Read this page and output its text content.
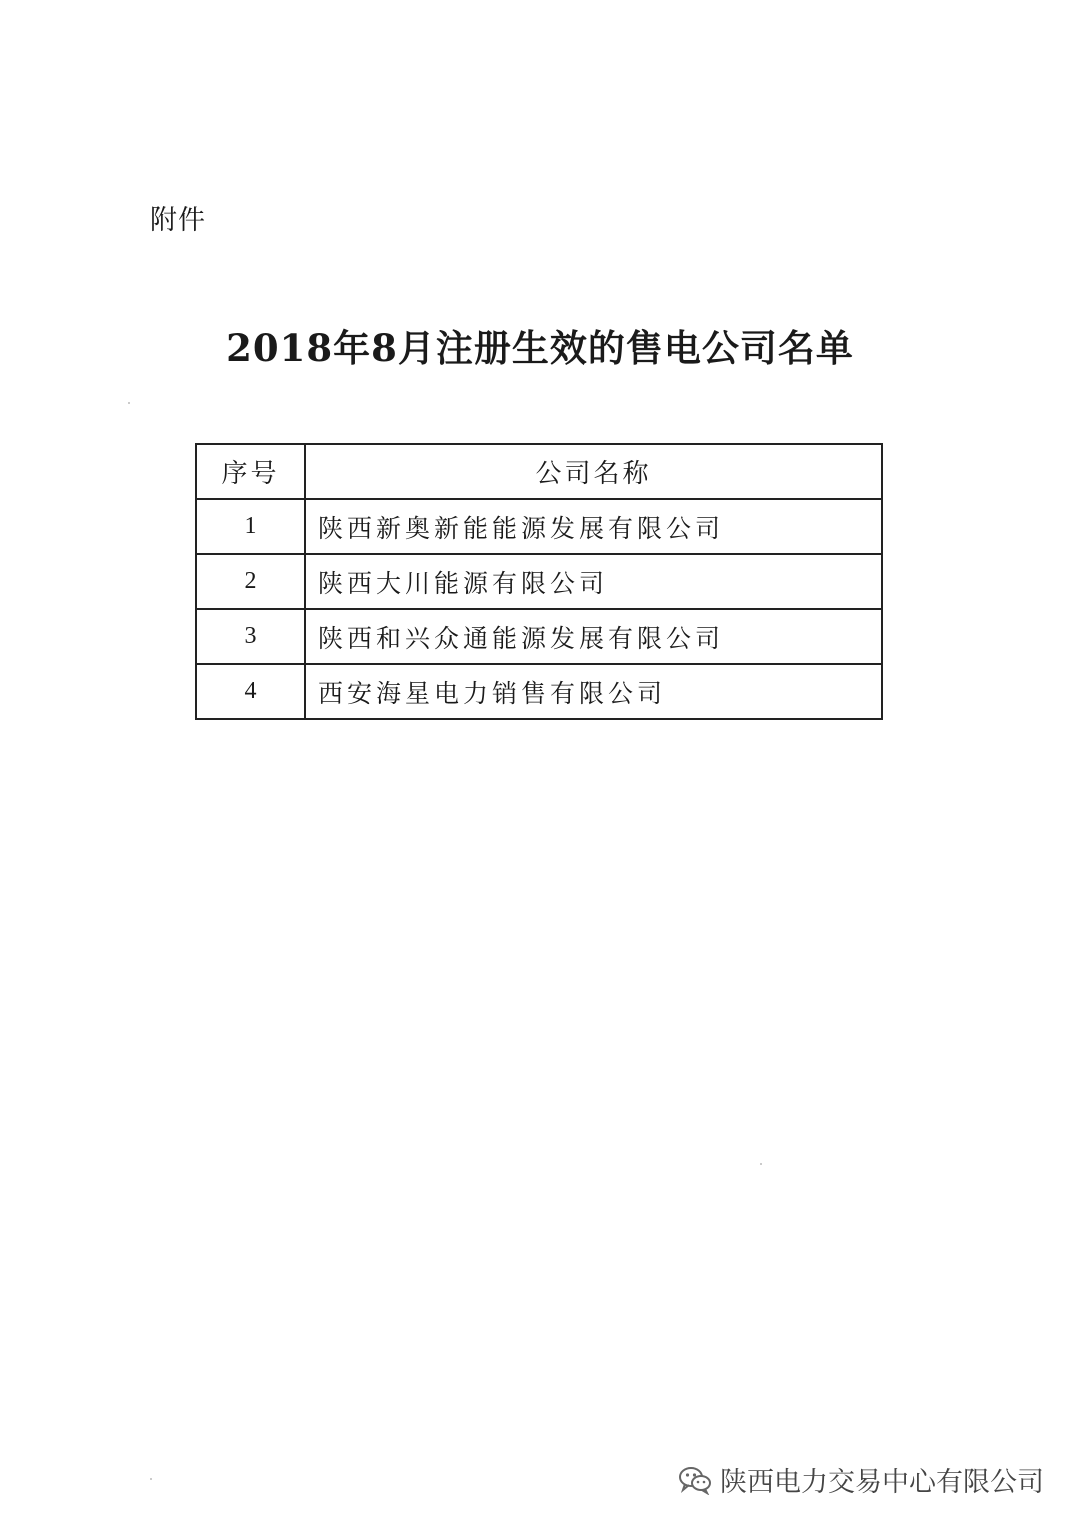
附件
2018年8月注册生效的售电公司名单
序号	公司名称
1	陕西新奥新能能源发展有限公司
2	陕西大川能源有限公司
3	陕西和兴众通能源发展有限公司
4	西安海星电力销售有限公司
陕西电力交易中心有限公司
